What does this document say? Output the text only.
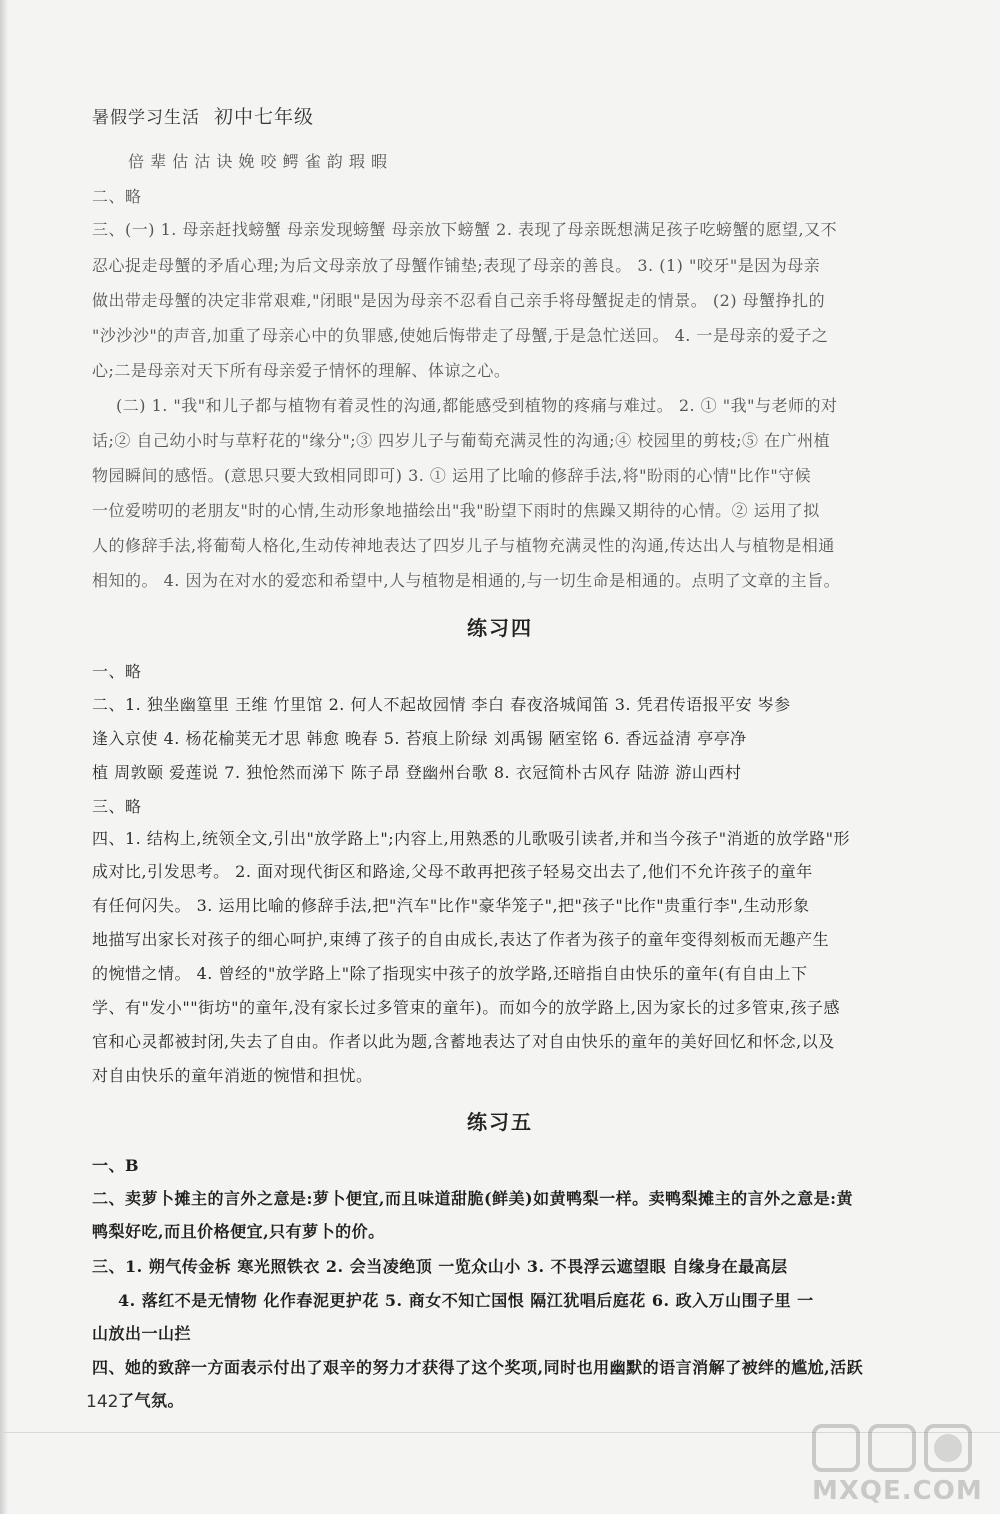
暑假学习生活 初中七年级
倍 辈 估 沽 诀 娩 咬 鳄 雀 韵 瑕 暇
二、略
三、(一) 1. 母亲赶找螃蟹 母亲发现螃蟹 母亲放下螃蟹 2. 表现了母亲既想满足孩子吃螃蟹的愿望,又不
忍心捉走母蟹的矛盾心理;为后文母亲放了母蟹作铺垫;表现了母亲的善良。 3. (1) "咬牙"是因为母亲
做出带走母蟹的决定非常艰难,"闭眼"是因为母亲不忍看自己亲手将母蟹捉走的情景。 (2) 母蟹挣扎的
"沙沙沙"的声音,加重了母亲心中的负罪感,使她后悔带走了母蟹,于是急忙送回。 4. 一是母亲的爱子之
心;二是母亲对天下所有母亲爱子情怀的理解、体谅之心。
(二) 1. "我"和儿子都与植物有着灵性的沟通,都能感受到植物的疼痛与难过。 2. ① "我"与老师的对
话;② 自己幼小时与草籽花的"缘分";③ 四岁儿子与葡萄充满灵性的沟通;④ 校园里的剪枝;⑤ 在广州植
物园瞬间的感悟。(意思只要大致相同即可) 3. ① 运用了比喻的修辞手法,将"盼雨的心情"比作"守候
一位爱唠叨的老朋友"时的心情,生动形象地描绘出"我"盼望下雨时的焦躁又期待的心情。② 运用了拟
人的修辞手法,将葡萄人格化,生动传神地表达了四岁儿子与植物充满灵性的沟通,传达出人与植物是相通
相知的。 4. 因为在对水的爱恋和希望中,人与植物是相通的,与一切生命是相通的。点明了文章的主旨。
练习四
一、略
二、1. 独坐幽篁里 王维 竹里馆 2. 何人不起故园情 李白 春夜洛城闻笛 3. 凭君传语报平安 岑参
逢入京使 4. 杨花榆荚无才思 韩愈 晚春 5. 苔痕上阶绿 刘禹锡 陋室铭 6. 香远益清 亭亭净
植 周敦颐 爱莲说 7. 独怆然而涕下 陈子昂 登幽州台歌 8. 衣冠简朴古风存 陆游 游山西村
三、略
四、1. 结构上,统领全文,引出"放学路上";内容上,用熟悉的儿歌吸引读者,并和当今孩子"消逝的放学路"形
成对比,引发思考。 2. 面对现代街区和路途,父母不敢再把孩子轻易交出去了,他们不允许孩子的童年
有任何闪失。 3. 运用比喻的修辞手法,把"汽车"比作"豪华笼子",把"孩子"比作"贵重行李",生动形象
地描写出家长对孩子的细心呵护,束缚了孩子的自由成长,表达了作者为孩子的童年变得刻板而无趣产生
的惋惜之情。 4. 曾经的"放学路上"除了指现实中孩子的放学路,还暗指自由快乐的童年(有自由上下
学、有"发小""街坊"的童年,没有家长过多管束的童年)。而如今的放学路上,因为家长的过多管束,孩子感
官和心灵都被封闭,失去了自由。作者以此为题,含蓄地表达了对自由快乐的童年的美好回忆和怀念,以及
对自由快乐的童年消逝的惋惜和担忧。
练习五
一、B
二、卖萝卜摊主的言外之意是:萝卜便宜,而且味道甜脆(鲜美)如黄鸭梨一样。卖鸭梨摊主的言外之意是:黄
鸭梨好吃,而且价格便宜,只有萝卜的价。
三、1. 朔气传金柝 寒光照铁衣 2. 会当凌绝顶 一览众山小 3. 不畏浮云遮望眼 自缘身在最高层
4. 落红不是无情物 化作春泥更护花 5. 商女不知亡国恨 隔江犹唱后庭花 6. 政入万山围子里 一
山放出一山拦
四、她的致辞一方面表示付出了艰辛的努力才获得了这个奖项,同时也用幽默的语言消解了被绊的尴尬,活跃
了气氛。
142 .
MXQE.COM
